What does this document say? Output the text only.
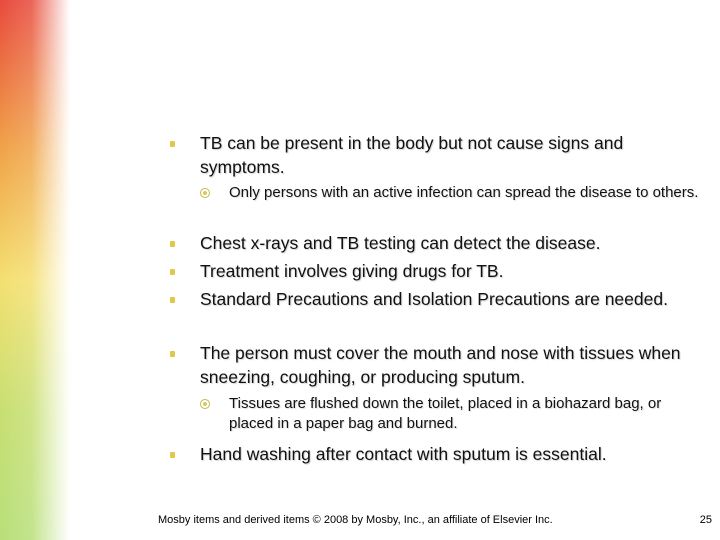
TB can be present in the body but not cause signs and symptoms.
Only persons with an active infection can spread the disease to others.
Chest x-rays and TB testing can detect the disease.
Treatment involves giving drugs for TB.
Standard Precautions and Isolation Precautions are needed.
The person must cover the mouth and nose with tissues when sneezing, coughing, or producing sputum.
Tissues are flushed down the toilet, placed in a biohazard bag, or placed in a paper bag and burned.
Hand washing after contact with sputum is essential.
Mosby items and derived items © 2008 by Mosby, Inc., an affiliate of Elsevier Inc.	25
